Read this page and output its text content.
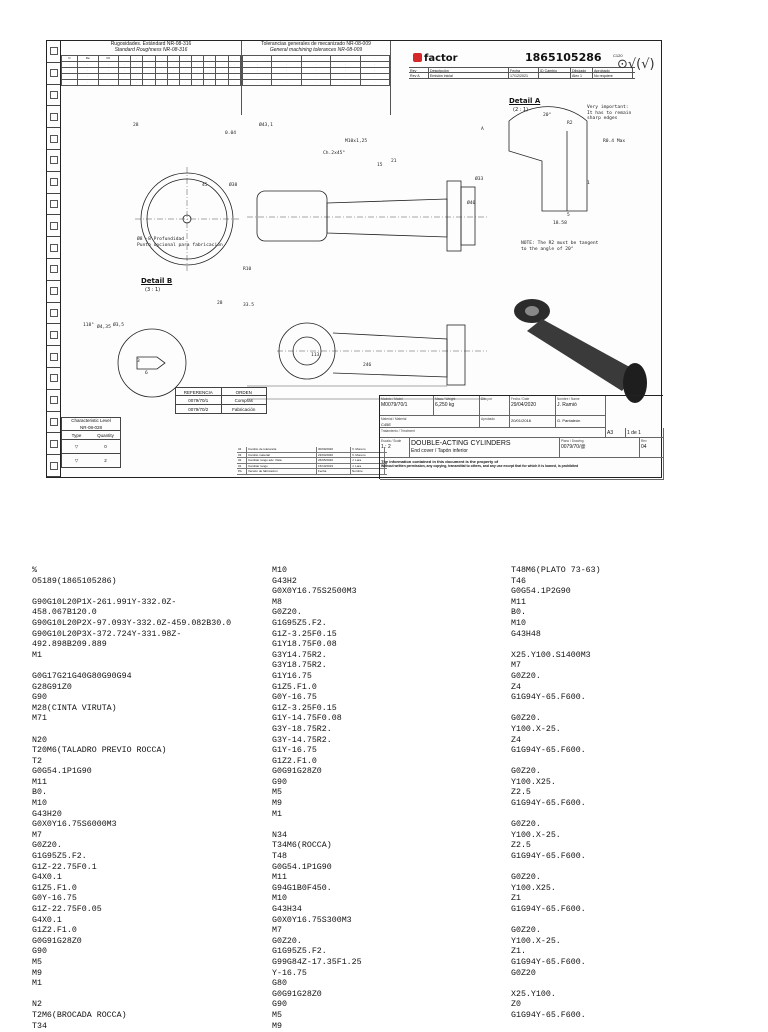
Rugosidades. Estándard NR-08-316
Standard Roughness NR-08-316
N	Ra	Rz	·	·	·	·	·	·	·	·	·	·
·	·	·	·	·	·	·	·	·	·	·	·	·
·	·	·	·	·	·	·	·	·	·	·	·	·
·	·	·	·	·	·	·	·	·	·	·	·	·
·	·	·	·	·	·	·	·	·	·	·	·	·
Tolerancias generales de mecanizado NR-08-009
General machining tolerances NR-08-009
·	·	·	·	·
·	·	·	·	·
·	·	·	·	·
·	·	·	·	·
·	·	·	·	·
factor	1865105286
Rev	Descripción	Fecha	ID Cambio	Dibujado	Aprobado
Rev A	Emisión inicial	17/12/2021	Alex 1	No requiere
C120
⊙√(√)
28	Ø43,1
M10x1,25
Ch.2x45°
0.04
45
15
21
Ø38
Ø33
Ø40
20°
R2
18.58
5
1
Ø4,35 Ø3,5
118°
3
6
28
113
246
R10
33.5
A
Detail A
(2 : 1)
Detail B
(3 : 1)
Very important:
It has to remain
sharp edges
R0.4 Max
NOTE: The R2 must be tangent
to the angle of 20°
Ø8 -8 Profundidad
Punto opcional para fabricación
REFERENCIA	ORDEN
0079/70/1	Compras
0079/70/2	Fabricación
Characteristic Level
NR-08-028
Type	Quantity
▽	0
▽	2
04	Cambio de tolerancia	30/09/2020	V. Moreno
03	Cambio material	23/04/2020	V. Moreno
02	Cambiar rango adv. Vista	26/05/2020	J. Lara
01	Cambiar rango	15/10/2019	J. Lara
PA	Versión de fabricación	Fecha	Nombre
Modelo / Model
M0079/70/1
Masa / Weight
6,250 kg
Dib. por	Fecha / Date
29/04/2020
Nombre / Name
J. Ramió
Material / Material
C45E
Aprobado	20/01/2016	G. Pantaleón
Tratamiento / Treatment	A3	1 de 1
Escala / Scale
1 : 2	DOUBLE-ACTING CYLINDERS
End cover / Tapón inferior
Plano / Drawing
0079/70/@
Rev
04
The information contained in this document is the property of
Without written permission, any copying, transmittal to others, and any use except that for which it is loaned, is prohibited
%
O5189(1865105286)
G90G10L20P1X-261.991Y-332.0Z-
458.067B120.0
G90G10L20P2X-97.093Y-332.0Z-459.082B30.0
G90G10L20P3X-372.724Y-331.98Z-
492.898B209.889
M1
G0G17G21G40G80G90G94
G28G91Z0
G90
M28(CINTA VIRUTA)
M71
N20
T20M6(TALADRO PREVIO ROCCA)
T2
G0G54.1P1G90
M11
B0.
M10
G43H20
G0X0Y16.75S6000M3
M7
G0Z20.
G1G95Z5.F2.
G1Z-22.75F0.1
G4X0.1
G1Z5.F1.0
G0Y-16.75
G1Z-22.75F0.05
G4X0.1
G1Z2.F1.0
G0G91G28Z0
G90
M5
M9
M1
N2
T2M6(BROCADA ROCCA)
T34
M10
G43H2
G0X0Y16.75S2500M3
M8
G0Z20.
G1G95Z5.F2.
G1Z-3.25F0.15
G1Y18.75F0.08
G3Y14.75R2.
G3Y18.75R2.
G1Y16.75
G1Z5.F1.0
G0Y-16.75
G1Z-3.25F0.15
G1Y-14.75F0.08
G3Y-18.75R2.
G3Y-14.75R2.
G1Y-16.75
G1Z2.F1.0
G0G91G28Z0
G90
M5
M9
M1
N34
T34M6(ROCCA)
T48
G0G54.1P1G90
M11
G94G1B0F450.
M10
G43H34
G0X0Y16.75S300M3
M7
G0Z20.
G1G95Z5.F2.
G99G84Z-17.35F1.25
Y-16.75
G80
G0G91G28Z0
G90
M5
M9
T48M6(PLATO 73-63)
T46
G0G54.1P2G90
M11
B0.
M10
G43H48
X25.Y100.S1400M3
M7
G0Z20.
Z4
G1G94Y-65.F600.
G0Z20.
Y100.X-25.
Z4
G1G94Y-65.F600.
G0Z20.
Y100.X25.
Z2.5
G1G94Y-65.F600.
G0Z20.
Y100.X-25.
Z2.5
G1G94Y-65.F600.
G0Z20.
Y100.X25.
Z1
G1G94Y-65.F600.
G0Z20.
Y100.X-25.
Z1.
G1G94Y-65.F600.
G0Z20
X25.Y100.
Z0
G1G94Y-65.F600.
